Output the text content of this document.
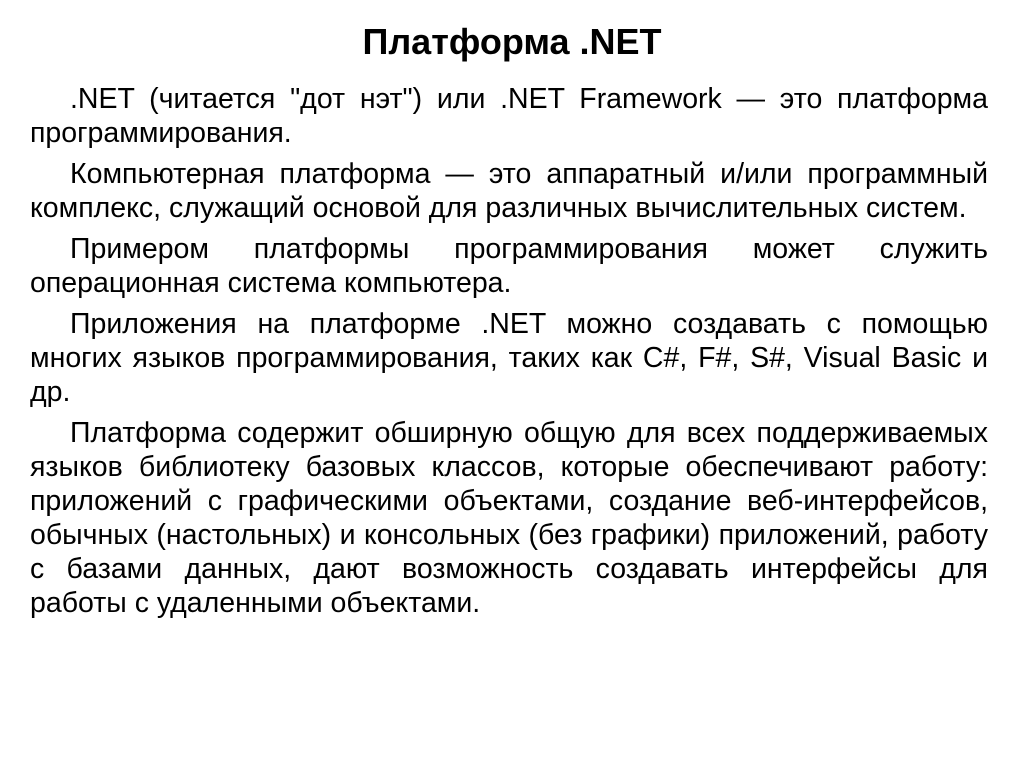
Платформа .NET

.NET (читается "дот нэт") или .NET Framework — это платформа программирования.

Компьютерная платформа — это аппаратный и/или программный комплекс, служащий основой для различных вычислительных систем.

Примером платформы программирования может служить операционная система компьютера.

Приложения на платформе .NET можно создавать с помощью многих языков программирования, таких как C#, F#, S#, Visual Basic и др.

Платформа содержит обширную общую для всех поддерживаемых языков библиотеку базовых классов, которые обеспечивают работу: приложений с графическими объектами, создание веб-интерфейсов, обычных (настольных) и консольных (без графики) приложений, работу с базами данных, дают возможность создавать интерфейсы для работы с удаленными объектами.
